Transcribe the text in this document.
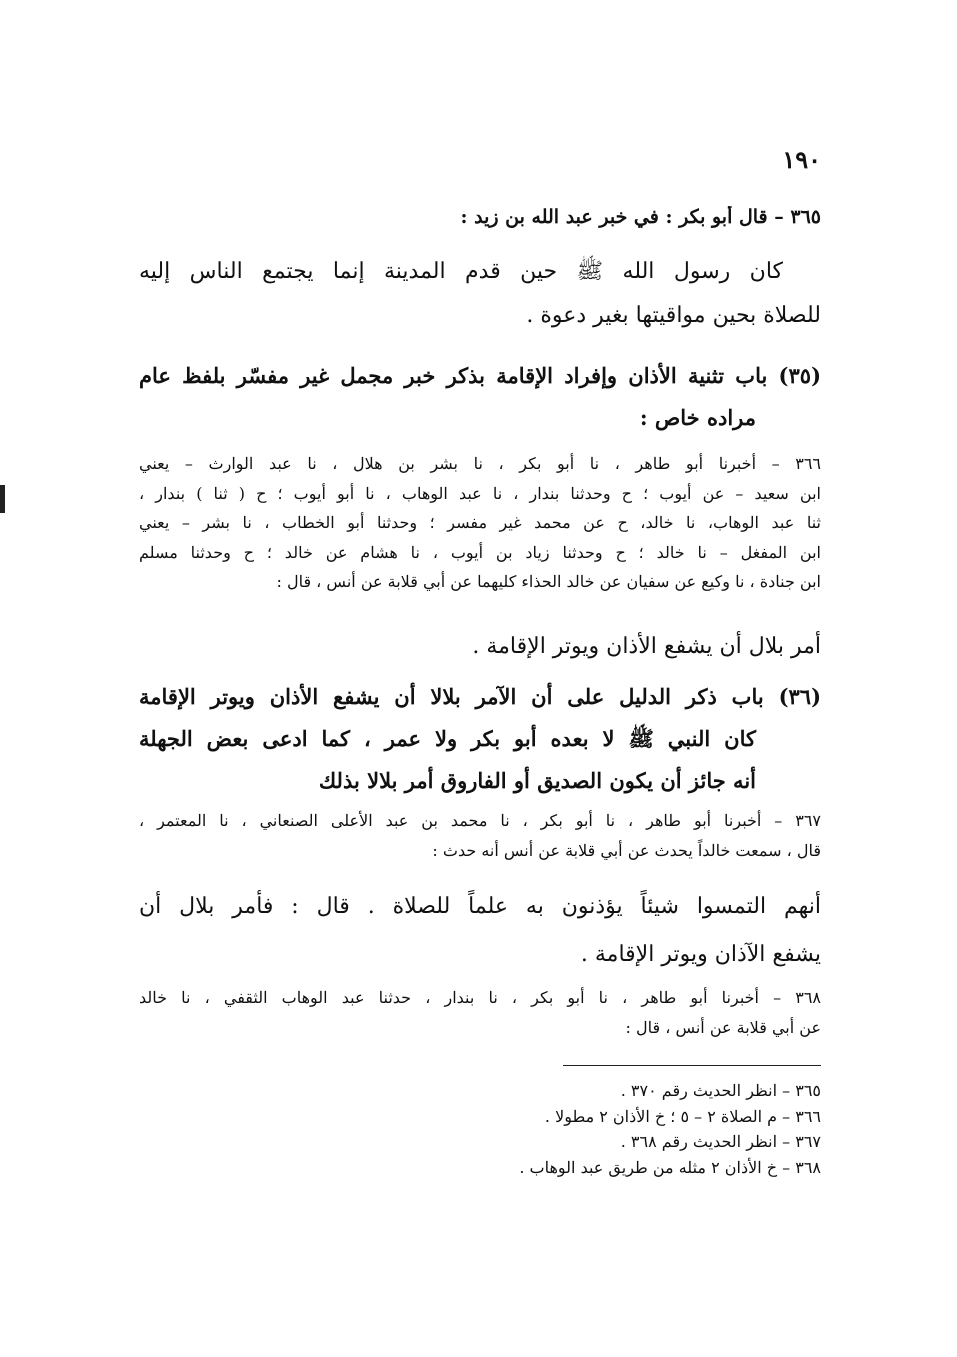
١٩٠
٣٦٥ – قال أبو بكر : في خبر عبد الله بن زيد :
كان رسول الله ﷺ حين قدم المدينة إنما يجتمع الناس إليه
للصلاة بحين مواقيتها بغير دعوة .
(٣٥) باب تثنية الأذان وإفراد الإقامة بذكر خبر مجمل غير مفسّر بلفظ عام
مراده خاص :
٣٦٦ – أخبرنا أبو طاهر ، نا أبو بكر ، نا بشر بن هلال ، نا عبد الوارث – يعني
ابن سعيد – عن أيوب ؛ ح وحدثنا بندار ، نا عبد الوهاب ، نا أبو أيوب ؛ ح ( ثنا ) بندار ،
ثنا عبد الوهاب، نا خالد، ح عن محمد غير مفسر ؛ وحدثنا أبو الخطاب ، نا بشر – يعني
ابن المفغل – نا خالد ؛ ح وحدثنا زياد بن أيوب ، نا هشام عن خالد ؛ ح وحدثنا مسلم
ابن جنادة ، نا وكيع عن سفيان عن خالد الحذاء كليهما عن أبي قلابة عن أنس ، قال :
أمر بلال أن يشفع الأذان ويوتر الإقامة .
(٣٦) باب ذكر الدليل على أن الآمر بلالا أن يشفع الأذان ويوتر الإقامة
كان النبي ﷺ لا بعده أبو بكر ولا عمر ، كما ادعى بعض الجهلة
أنه جائز أن يكون الصديق أو الفاروق أمر بلالا بذلك
٣٦٧ – أخبرنا أبو طاهر ، نا أبو بكر ، نا محمد بن عبد الأعلى الصنعاني ، نا المعتمر ،
قال ، سمعت خالداً يحدث عن أبي قلابة عن أنس أنه حدث :
أنهم التمسوا شيئاً يؤذنون به علماً للصلاة . قال : فأمر بلال أن
يشفع الآذان ويوتر الإقامة .
٣٦٨ – أخبرنا أبو طاهر ، نا أبو بكر ، نا بندار ، حدثنا عبد الوهاب الثقفي ، نا خالد
عن أبي قلابة عن أنس ، قال :
٣٦٥ – انظر الحديث رقم ٣٧٠ .
٣٦٦ – م الصلاة ٢ – ٥ ؛ خ الأذان ٢ مطولا .
٣٦٧ – انظر الحديث رقم ٣٦٨ .
٣٦٨ – خ الأذان ٢ مثله من طريق عبد الوهاب .
